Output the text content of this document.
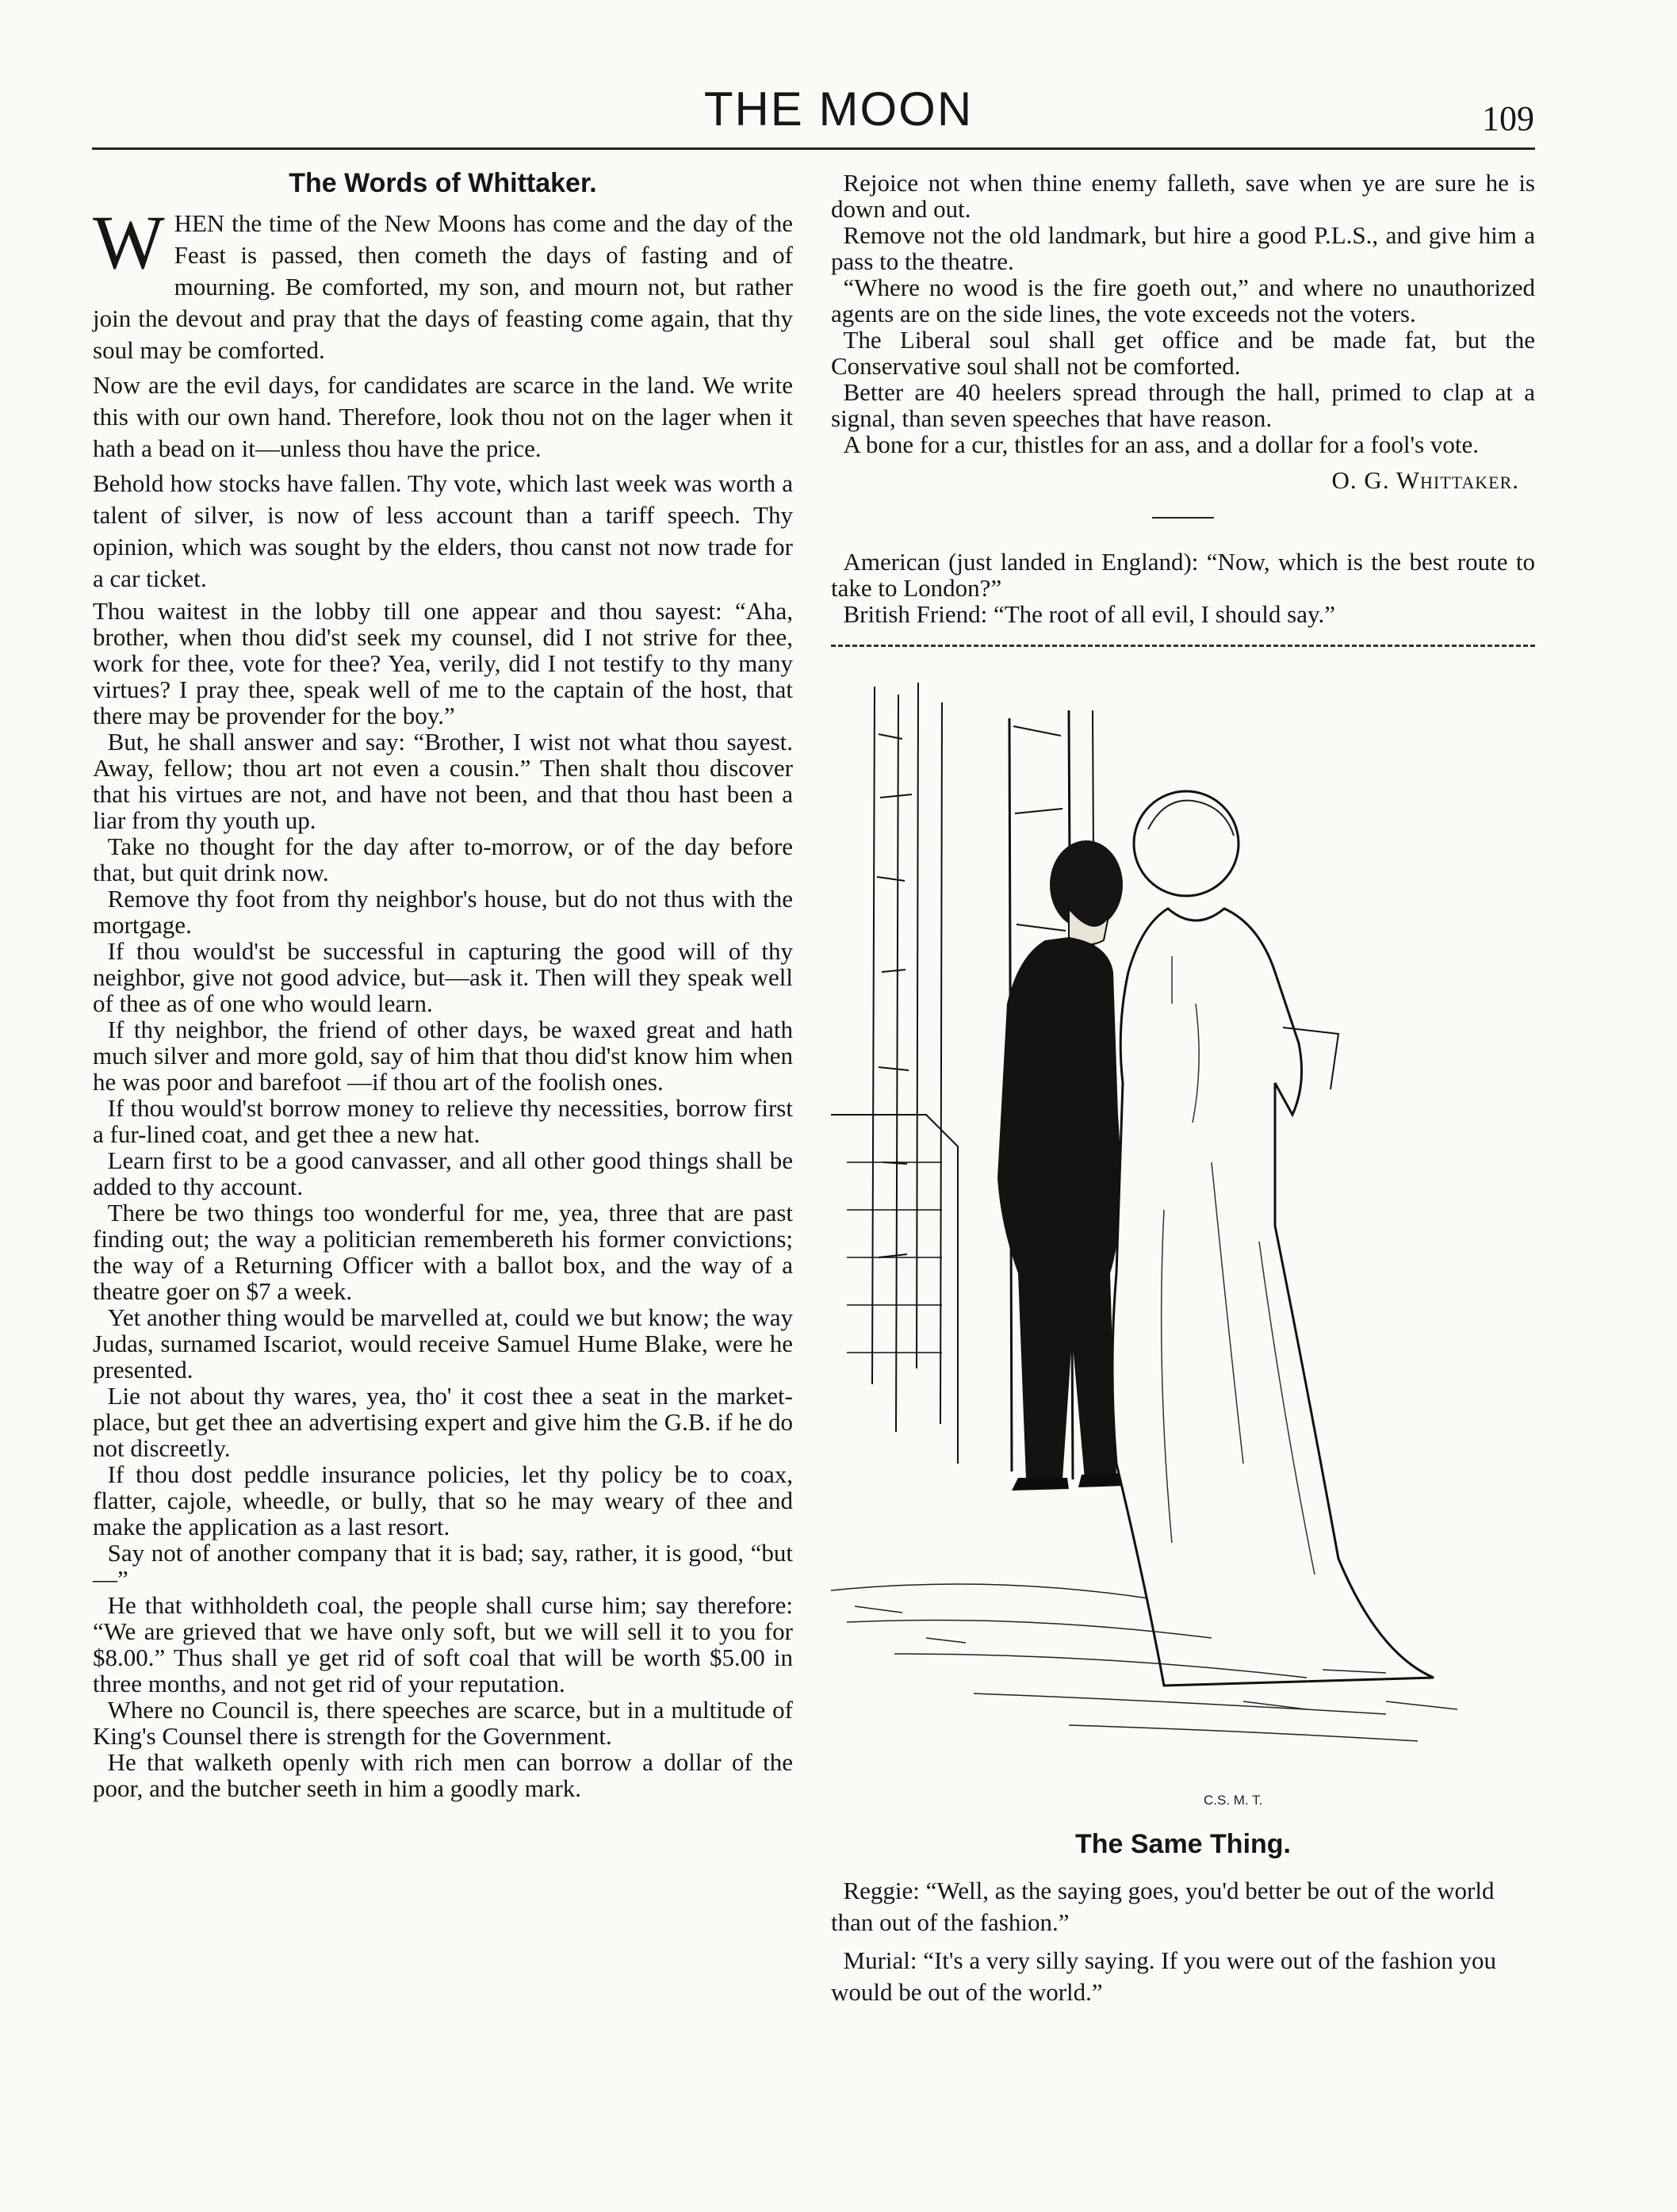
THE MOON	109
The Words of Whittaker.

WHEN the time of the New Moons has come and the day of the Feast is passed, then cometh the days of fasting and of mourning. Be comforted, my son, and mourn not, but rather join the devout and pray that the days of feasting come again, that thy soul may be comforted.

Now are the evil days, for candidates are scarce in the land. We write this with our own hand. Therefore, look thou not on the lager when it hath a bead on it—unless thou have the price.

Behold how stocks have fallen. Thy vote, which last week was worth a talent of silver, is now of less account than a tariff speech. Thy opinion, which was sought by the elders, thou canst not now trade for a car ticket.

Thou waitest in the lobby till one appear and thou sayest: “Aha, brother, when thou did'st seek my counsel, did I not strive for thee, work for thee, vote for thee? Yea, verily, did I not testify to thy many virtues? I pray thee, speak well of me to the captain of the host, that there may be provender for the boy.”

But, he shall answer and say: “Brother, I wist not what thou sayest. Away, fellow; thou art not even a cousin.” Then shalt thou discover that his virtues are not, and have not been, and that thou hast been a liar from thy youth up.

Take no thought for the day after to-morrow, or of the day before that, but quit drink now.

Remove thy foot from thy neighbor's house, but do not thus with the mortgage.

If thou would'st be successful in capturing the good will of thy neighbor, give not good advice, but—ask it. Then will they speak well of thee as of one who would learn.

If thy neighbor, the friend of other days, be waxed great and hath much silver and more gold, say of him that thou did'st know him when he was poor and barefoot —if thou art of the foolish ones.

If thou would'st borrow money to relieve thy necessities, borrow first a fur-lined coat, and get thee a new hat.

Learn first to be a good canvasser, and all other good things shall be added to thy account.

There be two things too wonderful for me, yea, three that are past finding out; the way a politician remembereth his former convictions; the way of a Returning Officer with a ballot box, and the way of a theatre goer on $7 a week.

Yet another thing would be marvelled at, could we but know; the way Judas, surnamed Iscariot, would receive Samuel Hume Blake, were he presented.

Lie not about thy wares, yea, tho' it cost thee a seat in the market-place, but get thee an advertising expert and give him the G.B. if he do not discreetly.

If thou dost peddle insurance policies, let thy policy be to coax, flatter, cajole, wheedle, or bully, that so he may weary of thee and make the application as a last resort.

Say not of another company that it is bad; say, rather, it is good, “but—”

He that withholdeth coal, the people shall curse him; say therefore: “We are grieved that we have only soft, but we will sell it to you for $8.00.” Thus shall ye get rid of soft coal that will be worth $5.00 in three months, and not get rid of your reputation.

Where no Council is, there speeches are scarce, but in a multitude of King's Counsel there is strength for the Government.

He that walketh openly with rich men can borrow a dollar of the poor, and the butcher seeth in him a goodly mark.

Rejoice not when thine enemy falleth, save when ye are sure he is down and out.

Remove not the old landmark, but hire a good P.L.S., and give him a pass to the theatre.

“Where no wood is the fire goeth out,” and where no unauthorized agents are on the side lines, the vote exceeds not the voters.

The Liberal soul shall get office and be made fat, but the Conservative soul shall not be comforted.

Better are 40 heelers spread through the hall, primed to clap at a signal, than seven speeches that have reason.

A bone for a cur, thistles for an ass, and a dollar for a fool's vote.

O. G. Whittaker.

American (just landed in England): “Now, which is the best route to take to London?”

British Friend: “The root of all evil, I should say.”

C.S. M. T.
The Same Thing.

Reggie: “Well, as the saying goes, you'd better be out of the world than out of the fashion.”

Murial: “It's a very silly saying. If you were out of the fashion you would be out of the world.”
